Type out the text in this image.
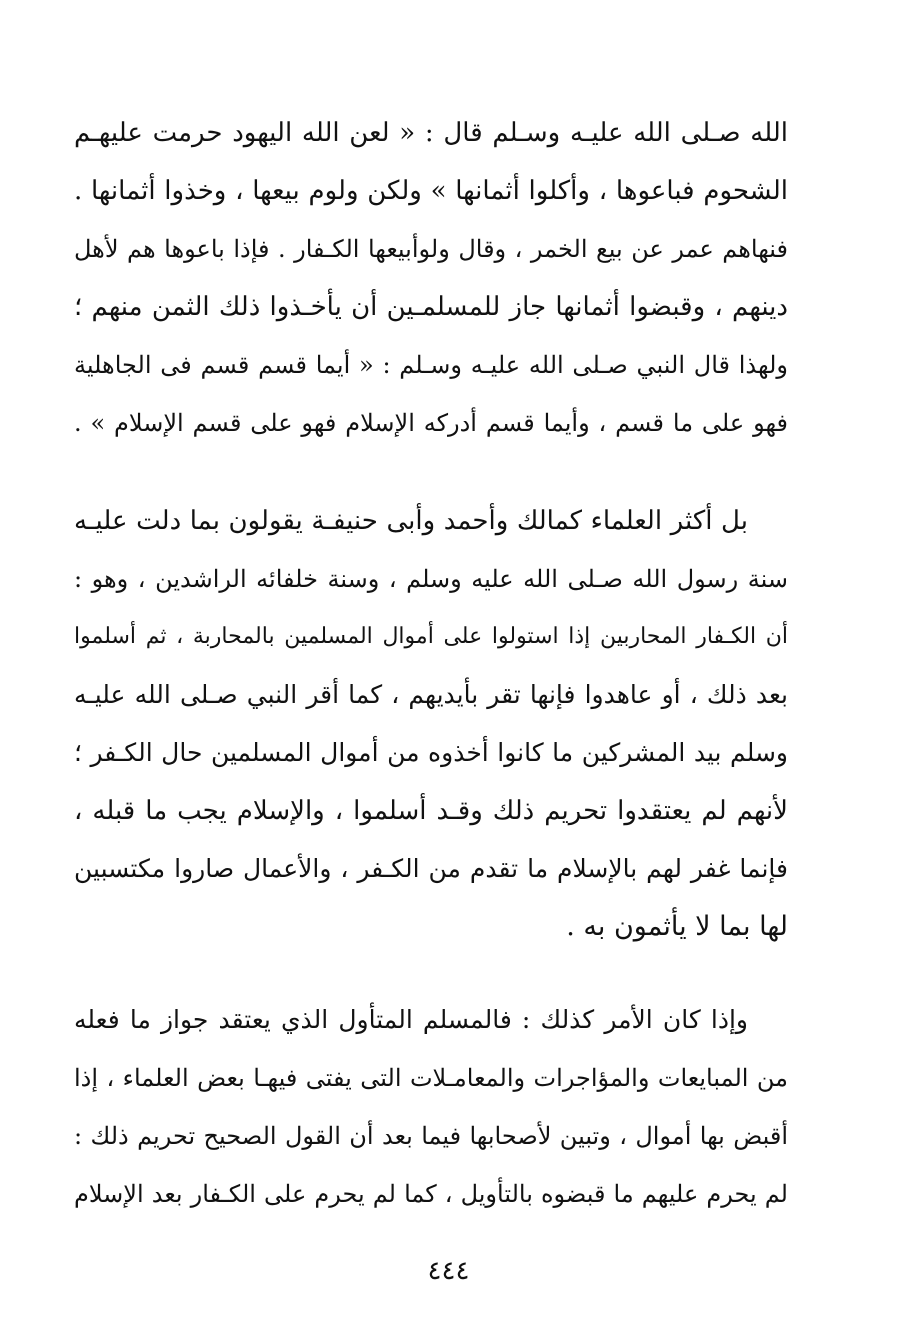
الله صـلى الله عليـه وسـلم قال : « لعن الله اليهود حرمت عليهـم
الشحوم فباعوها ، وأكلوا أثمانها » ولكن ولوم بيعها ، وخذوا أثمانها .
فنهاهم عمر عن بيع الخمر ، وقال ولوأبيعها الكـفار . فإذا باعوها هم لأهل
دينهم ، وقبضوا أثمانها جاز للمسلمـين أن يأخـذوا ذلك الثمن منهم ؛
ولهذا قال النبي صـلى الله عليـه وسـلم : « أيما قسم قسم فى الجاهلية
فهو على ما قسم ، وأيما قسم أدركه الإسلام فهو على قسم الإسلام » .
بل أكثر العلماء كمالك وأحمد وأبى حنيفـة يقولون بما دلت عليـه
سنة رسول الله صـلى الله عليه وسلم ، وسنة خلفائه الراشدين ، وهو :
أن الكـفار المحاربين إذا استولوا على أموال المسلمين بالمحاربة ، ثم أسلموا
بعد ذلك ، أو عاهدوا فإنها تقر بأيديهم ، كما أقر النبي صـلى الله عليـه
وسلم بيد المشركين ما كانوا أخذوه من أموال المسلمين حال الكـفر ؛
لأنهم لم يعتقدوا تحريم ذلك وقـد أسلموا ، والإسلام يجب ما قبله ،
فإنما غفر لهم بالإسلام ما تقدم من الكـفر ، والأعمال صاروا مكتسبين
لها بما لا يأثمون به .
وإذا كان الأمر كذلك : فالمسلم المتأول الذي يعتقد جواز ما فعله
من المبايعات والمؤاجرات والمعامـلات التى يفتى فيهـا بعض العلماء ، إذا
أقبض بها أموال ، وتبين لأصحابها فيما بعد أن القول الصحيح تحريم ذلك :
لم يحرم عليهم ما قبضوه بالتأويل ، كما لم يحرم على الكـفار بعد الإسلام
٤٤٤
